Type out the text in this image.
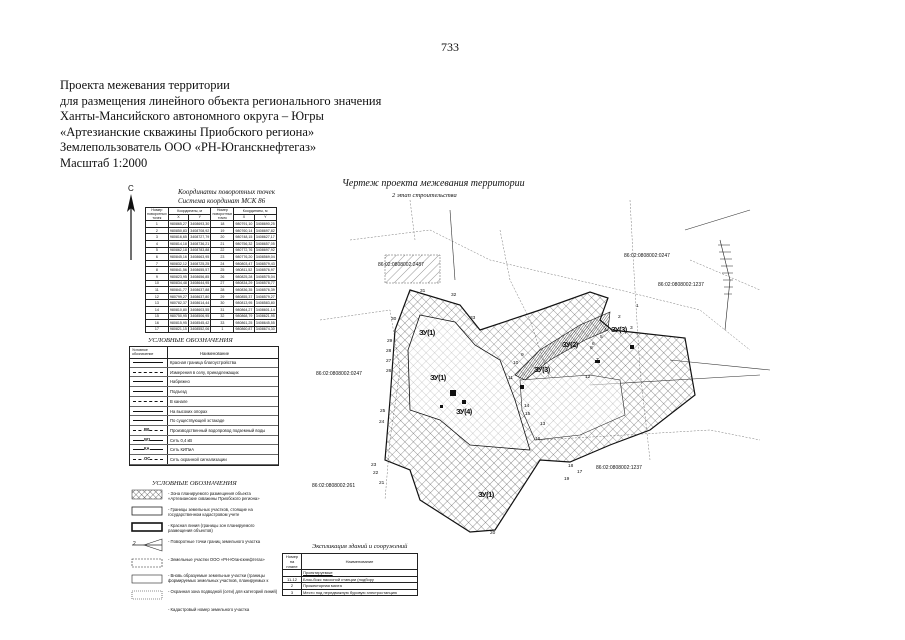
733
Проекта межевания территории
для размещения линейного объекта регионального значения
Ханты-Мансийского автономного округа – Югры
«Артезианские скважины Приобского региона»
Землепользователь ООО «РН-Юганскнефтегаз»
Масштаб 1:2000
С	Координаты поворотных точек
Система координат МСК 86
Номер поворотных точек	Координаты, м		Номер поворотных точек	Координаты, м	
	X	Y		X	Y
1	980865,27	3408693,30	18	980791,10	3408690,25
2	980850,83	3408708,92	19	980760,14	3408697,82
3	980816,65	3408727,79	20	980748,15	3408627,17
4	980814,18	3408736,21	21	980756,32	3408657,05
5	980862,18	3408783,88	22	980772,76	3408697,92
6	980845,16	3408663,95	23	980776,20	3408569,04
7	980832,12	3408725,25	24	980803,47	3408579,43
8	980841,56	3408655,57	25	980811,52	3408576,97
9	980823,95	3408656,85	26	980825,28	3408575,04
10	980834,48	3408644,95	27	980834,29	3408578,77
11	980841,77	3408637,88	28	980836,35	3408576,39
12	980799,27	3408637,80	29	980855,37	3408579,27
13	980782,37	3408614,44	30	980813,95	3408583,80
14	980810,80	3408603,55	31	980864,27	3408601,14
15	980750,95	3408506,95	32	980868,79	3408621,95
16	980815,95	3408545,42	33	980861,25	3408645,55
17	980821,15	3408552,06	1	980860,87	3408674,30
УСЛОВНЫЕ ОБОЗНАЧЕНИЯ
Условное обозначение	Наименование
Красная граница благоустройства
Измерения в селу, принадлежащих
Набрежно
Подъезд
В канале
На высоких опорах
По существующей эстакаде
Производственный водопровод подземный воды
В0
Сеть 0,4 кВ
W1
Сеть КИПиА
КА
Сеть охранной сигнализации
ОС
УСЛОВНЫЕ ОБОЗНАЧЕНИЯ
2
- Зона планируемого размещения объекта «Артезианские скважины Приобского региона»
- Границы земельных участков, стоящие на государственном кадастровом учете
- Красная линия (границы зон планируемого размещения объектов)
- Поворотные точки границ земельного участка
- Земельные участки ООО «РН-Юганскнефтегаз»
- Вновь образуемые земельные участки (границы формируемых земельных участков, планируемых к
- Охранная зона подводной (сети) для категорий линий)
- Кадастровый номер земельного участка
Чертеж проекта межевания территории
2 этап строительства
86:02:0808002:2487
86:02:0808002:0247
86:02:0808002:1237
86:02:0808002:0247
86:02:0808002:1237
86:02:0808002:261
ЗУ(1)
ЗУ(1)
ЗУ(3)
ЗУ(2)
ЗУ(3)
ЗУ(1)
ЗУ(4)
31
32
30
29
28
27
26
25
24
23
22
21
20
19
18
17
16
15
14
13
12
11
10
9
8
7
6
5
4	3
2
1
33
Экспликация зданий и сооружений
Номер на плане	Наименование
	Проектируемые
11-12	Блок-бокс насосной станции (подбору
2	Прожекторная мачта
3	Место под передвижную буровую электростанцию
